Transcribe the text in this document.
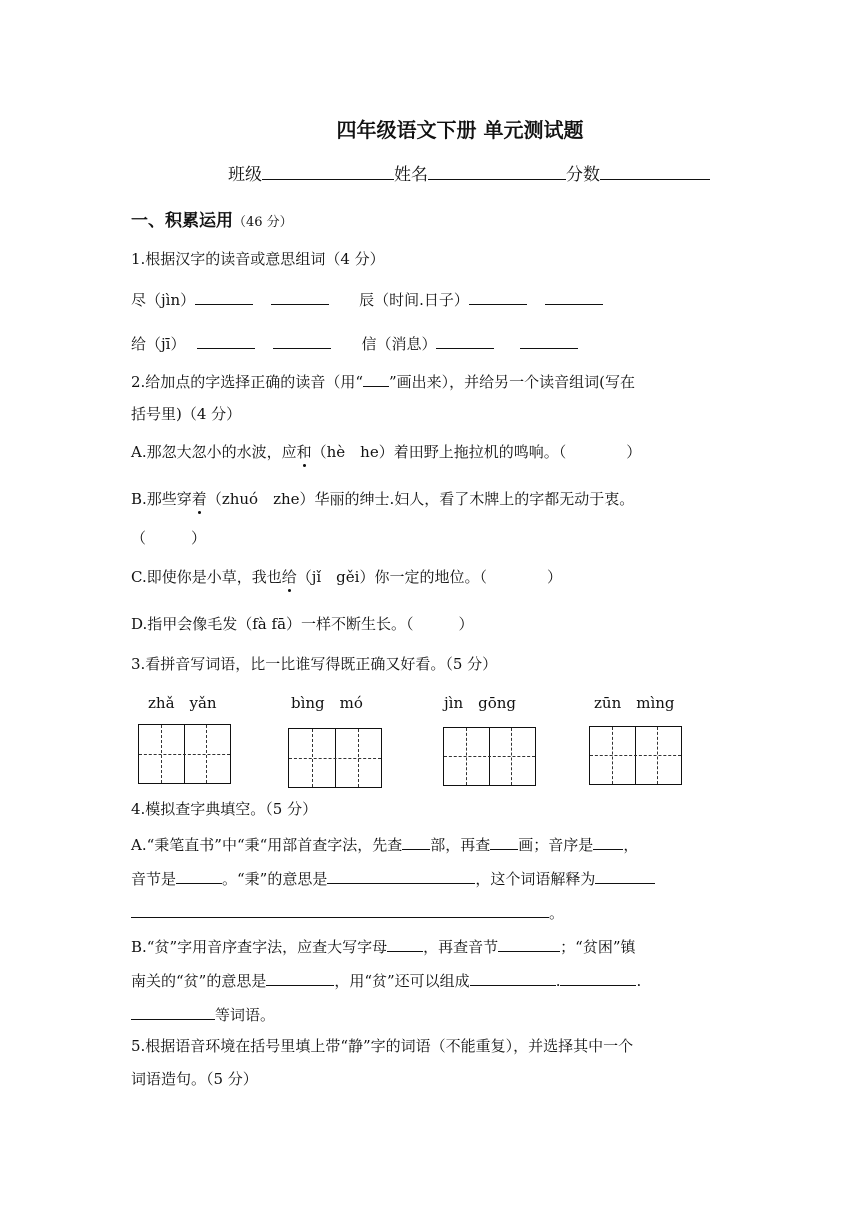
四年级语文下册 单元测试题
班级	姓名	分数
一、积累运用（46 分）
1.根据汉字的读音或意思组词（4 分）
尽（jìn）	辰（时间.日子）
给（jī）	信（消息）
2.给加点的字选择正确的读音（用“ ”画出来），并给另一个读音组词(写在
括号里)（4 分）
A.那忽大忽小的水波，应和（hè　he）着田野上拖拉机的鸣响。（　　　　）
B.那些穿着（zhuó　zhe）华丽的绅士.妇人，看了木牌上的字都无动于衷。
（　　　）
C.即使你是小草，我也给（jǐ　gěi）你一定的地位。（　　　　）
D.指甲会像毛发（fà fā）一样不断生长。（　　　）
3.看拼音写词语，比一比谁写得既正确又好看。（5 分）
zhǎ　yǎn	bìng　mó	jìn　gōng	zūn　mìng
4.模拟查字典填空。（5 分）
A.“秉笔直书”中“秉“用部首查字法，先查 部，再查 画；音序是 ，
音节是	。“秉”的意思是	，这个词语解释为
。
B.“贫”字用音序查字法，应查大写字母 ，再查音节	；“贫困”镇
南关的“贫”的意思是	，用“贫”还可以组成	.	.
等词语。
5.根据语音环境在括号里填上带“静”字的词语（不能重复），并选择其中一个
词语造句。（5 分）
